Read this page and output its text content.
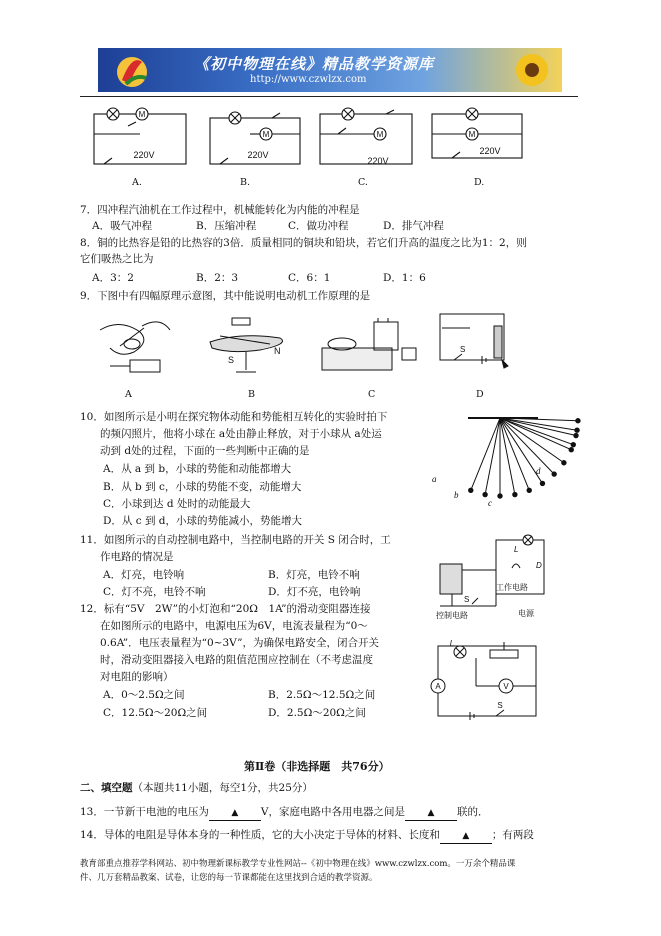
《初中物理在线》精品教学资源库
http://www.czwlzx.com
M
M	M	M
220V	220V
220V
220V
A.	B.	C.	D.
7．四冲程汽油机在工作过程中，机械能转化为内能的冲程是
A．吸气冲程	B．压缩冲程	C．做功冲程	D．排气冲程
8．铜的比热容是铅的比热容的3倍．质量相同的铜块和铅块，若它们升高的温度之比为1：2，则
它们吸热之比为
A．3：2	B．2：3	C．6：1	D．1：6
9．下图中有四幅原理示意图，其中能说明电动机工作原理的是
S
N	S
A	B	C	D
10．如图所示是小明在探究物体动能和势能相互转化的实验时拍下
的频闪照片，他将小球在 a处由静止释放，对于小球从 a处运
动到 d处的过程，下面的一些判断中正确的是
A．从 a 到 b，小球的势能和动能都增大
B．从 b 到 c，小球的势能不变，动能增大
C．小球到达 d 处时的动能最大
D．从 c 到 d，小球的势能减小，势能增大
a
b
c
d
11．如图所示的自动控制电路中，当控制电路的开关 S 闭合时，工
作电路的情况是
A．灯亮，电铃响	B．灯亮，电铃不响
C．灯不亮，电铃不响	D．灯不亮，电铃响
L
D
S
工作电路
电源
控制电路
12．标有“5V　2W”的小灯泡和“20Ω　1A”的滑动变阻器连接
在如图所示的电路中，电源电压为6V，电流表量程为“0～
0.6A”．电压表量程为“0~3V”，为确保电路安全，闭合开关
时，滑动变阻器接入电路的阻值范围应控制在（不考虑温度
对电阻的影响）
A．0～2.5Ω之间	B．2.5Ω～12.5Ω之间
C．12.5Ω～20Ω之间	D．2.5Ω～20Ω之间
L
A	V
S
第Ⅱ卷（非选择题　共76分）
二、填空题（本题共11小题，每空1分，共25分）
13．一节新干电池的电压为	▲ V，家庭电路中各用电器之间是	▲ 联的．
14．导体的电阻是导体本身的一种性质，它的大小决定于导体的材料、长度和	▲ ；有两段
教育部重点推荐学科网站、初中物理新课标教学专业性网站--《初中物理在线》www.czwlzx.com。一万余个精品课
件、几万套精品教案、试卷，让您的每一节课都能在这里找到合适的教学资源。
